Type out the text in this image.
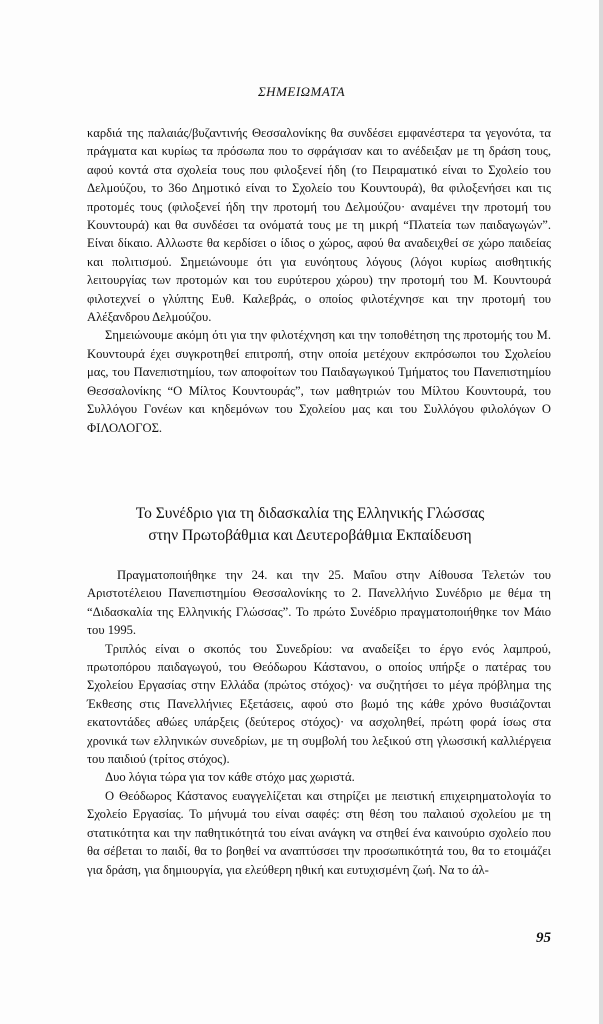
ΣΗΜΕΙΩΜΑΤΑ

καρδιά της παλαιάς/βυζαντινής Θεσσαλονίκης θα συνδέσει εμφανέστερα τα γεγονότα, τα πράγματα και κυρίως τα πρόσωπα που το σφράγισαν και το ανέδειξαν με τη δράση τους, αφού κοντά στα σχολεία τους που φιλοξενεί ήδη (το Πειραματικό είναι το Σχολείο του Δελμούζου, το 36ο Δημοτικό είναι το Σχολείο του Κουντουρά), θα φιλοξενήσει και τις προτομές τους (φιλοξενεί ήδη την προτομή του Δελμούζου· αναμένει την προτομή του Κουντουρά) και θα συνδέσει τα ονόματά τους με τη μικρή “Πλατεία των παιδαγωγών”. Είναι δίκαιο. Αλλωστε θα κερδίσει ο ίδιος ο χώρος, αφού θα αναδειχθεί σε χώρο παιδείας και πολιτισμού. Σημειώνουμε ότι για ευνόητους λόγους (λόγοι κυρίως αισθητικής λειτουργίας των προτομών και του ευρύτερου χώρου) την προτομή του Μ. Κουντουρά φιλοτεχνεί ο γλύπτης Ευθ. Καλεβράς, ο οποίος φιλοτέχνησε και την προτομή του Αλέξανδρου Δελμούζου.

Σημειώνουμε ακόμη ότι για την φιλοτέχνηση και την τοποθέτηση της προτομής του Μ. Κουντουρά έχει συγκροτηθεί επιτροπή, στην οποία μετέχουν εκπρόσωποι του Σχολείου μας, του Πανεπιστημίου, των αποφοίτων του Παιδαγωγικού Τμήματος του Πανεπιστημίου Θεσσαλονίκης “Ο Μίλτος Κουντουράς”, των μαθητριών του Μίλτου Κουντουρά, του Συλλόγου Γονέων και κηδεμόνων του Σχολείου μας και του Συλλόγου φιλολόγων Ο ΦΙΛΟΛΟΓΟΣ.

Το Συνέδριο για τη διδασκαλία της Ελληνικής Γλώσσας
στην Πρωτοβάθμια και Δευτεροβάθμια Εκπαίδευση

Πραγματοποιήθηκε την 24. και την 25. Μαΐου στην Αίθουσα Τελετών του Αριστοτέλειου Πανεπιστημίου Θεσσαλονίκης το 2. Πανελλήνιο Συνέδριο με θέμα τη “Διδασκαλία της Ελληνικής Γλώσσας”. Το πρώτο Συνέδριο πραγματοποιήθηκε τον Μάιο του 1995.

Τριπλός είναι ο σκοπός του Συνεδρίου: να αναδείξει το έργο ενός λαμπρού, πρωτοπόρου παιδαγωγού, του Θεόδωρου Κάστανου, ο οποίος υπήρξε ο πατέρας του Σχολείου Εργασίας στην Ελλάδα (πρώτος στόχος)· να συζητήσει το μέγα πρόβλημα της Έκθεσης στις Πανελλήνιες Εξετάσεις, αφού στο βωμό της κάθε χρόνο θυσιάζονται εκατοντάδες αθώες υπάρξεις (δεύτερος στόχος)· να ασχοληθεί, πρώτη φορά ίσως στα χρονικά των ελληνικών συνεδρίων, με τη συμβολή του λεξικού στη γλωσσική καλλιέργεια του παιδιού (τρίτος στόχος).

Δυο λόγια τώρα για τον κάθε στόχο μας χωριστά.

Ο Θεόδωρος Κάστανος ευαγγελίζεται και στηρίζει με πειστική επιχειρηματολογία το Σχολείο Εργασίας. Το μήνυμά του είναι σαφές: στη θέση του παλαιού σχολείου με τη στατικότητα και την παθητικότητά του είναι ανάγκη να στηθεί ένα καινούριο σχολείο που θα σέβεται το παιδί, θα το βοηθεί να αναπτύσσει την προσωπικότητά του, θα το ετοιμάζει για δράση, για δημιουργία, για ελεύθερη ηθική και ευτυχισμένη ζωή. Να το άλ-

95
